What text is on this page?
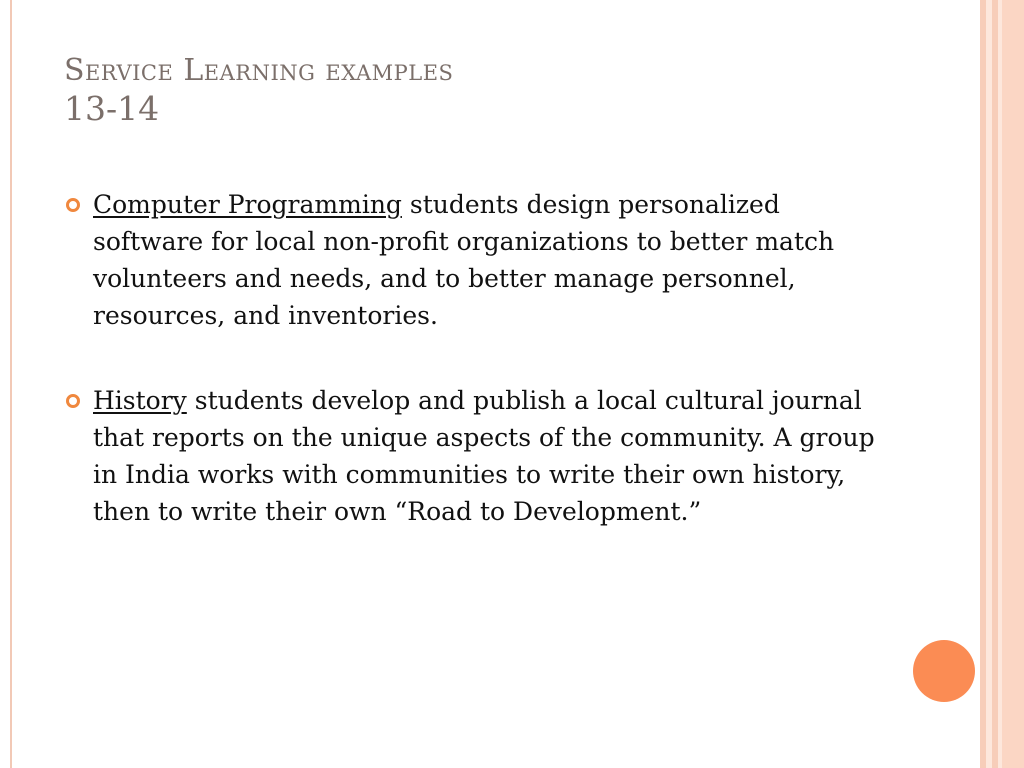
Service Learning examples
13-14
Computer Programming students design personalized software for local non-profit organizations to better match volunteers and needs, and to better manage personnel, resources, and inventories.
History students develop and publish a local cultural journal that reports on the unique aspects of the community. A group in India works with communities to write their own history, then to write their own “Road to Development.”
